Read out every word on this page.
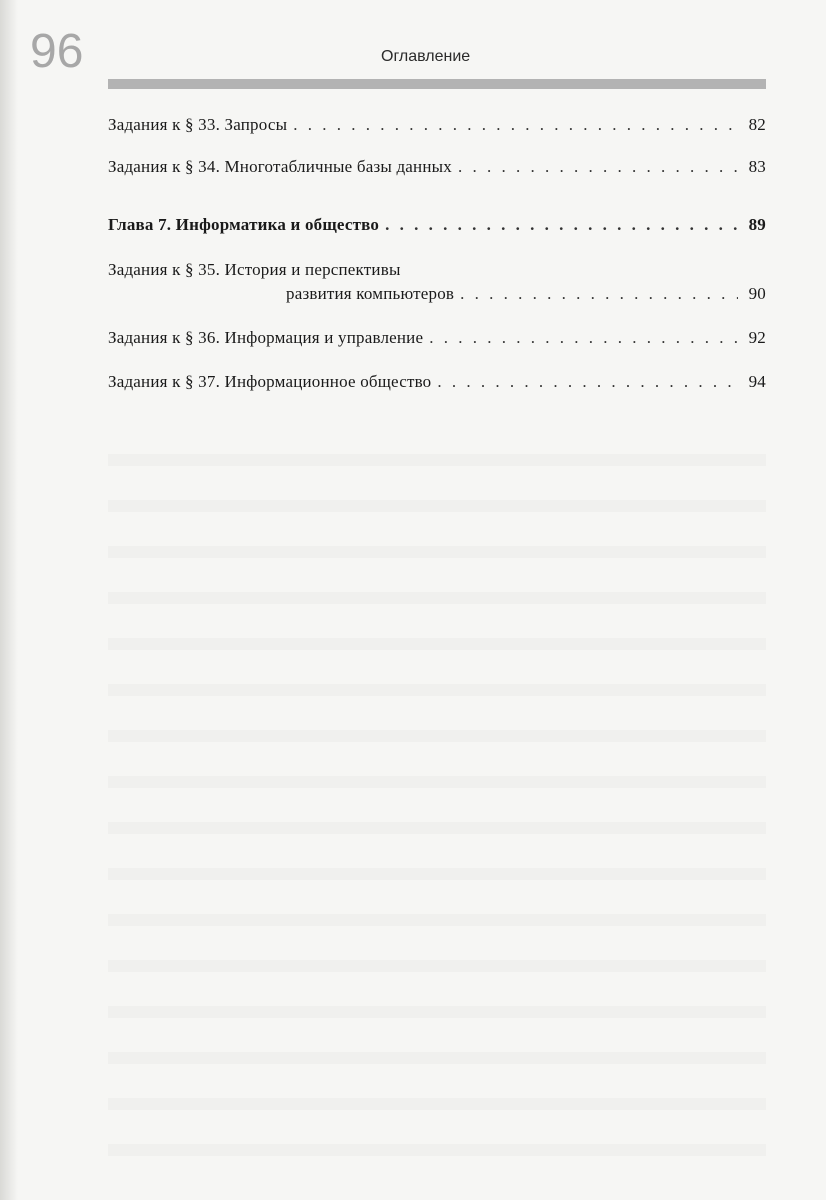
96	Оглавление
Задания к § 33. Запросы . . .	82
Задания к § 34. Многотабличные базы данных . . .	83
Глава 7. Информатика и общество . . .	89
Задания к § 35. История и перспективы
развития компьютеров . . .	90
Задания к § 36. Информация и управление . . .	92
Задания к § 37. Информационное общество . . .	94
